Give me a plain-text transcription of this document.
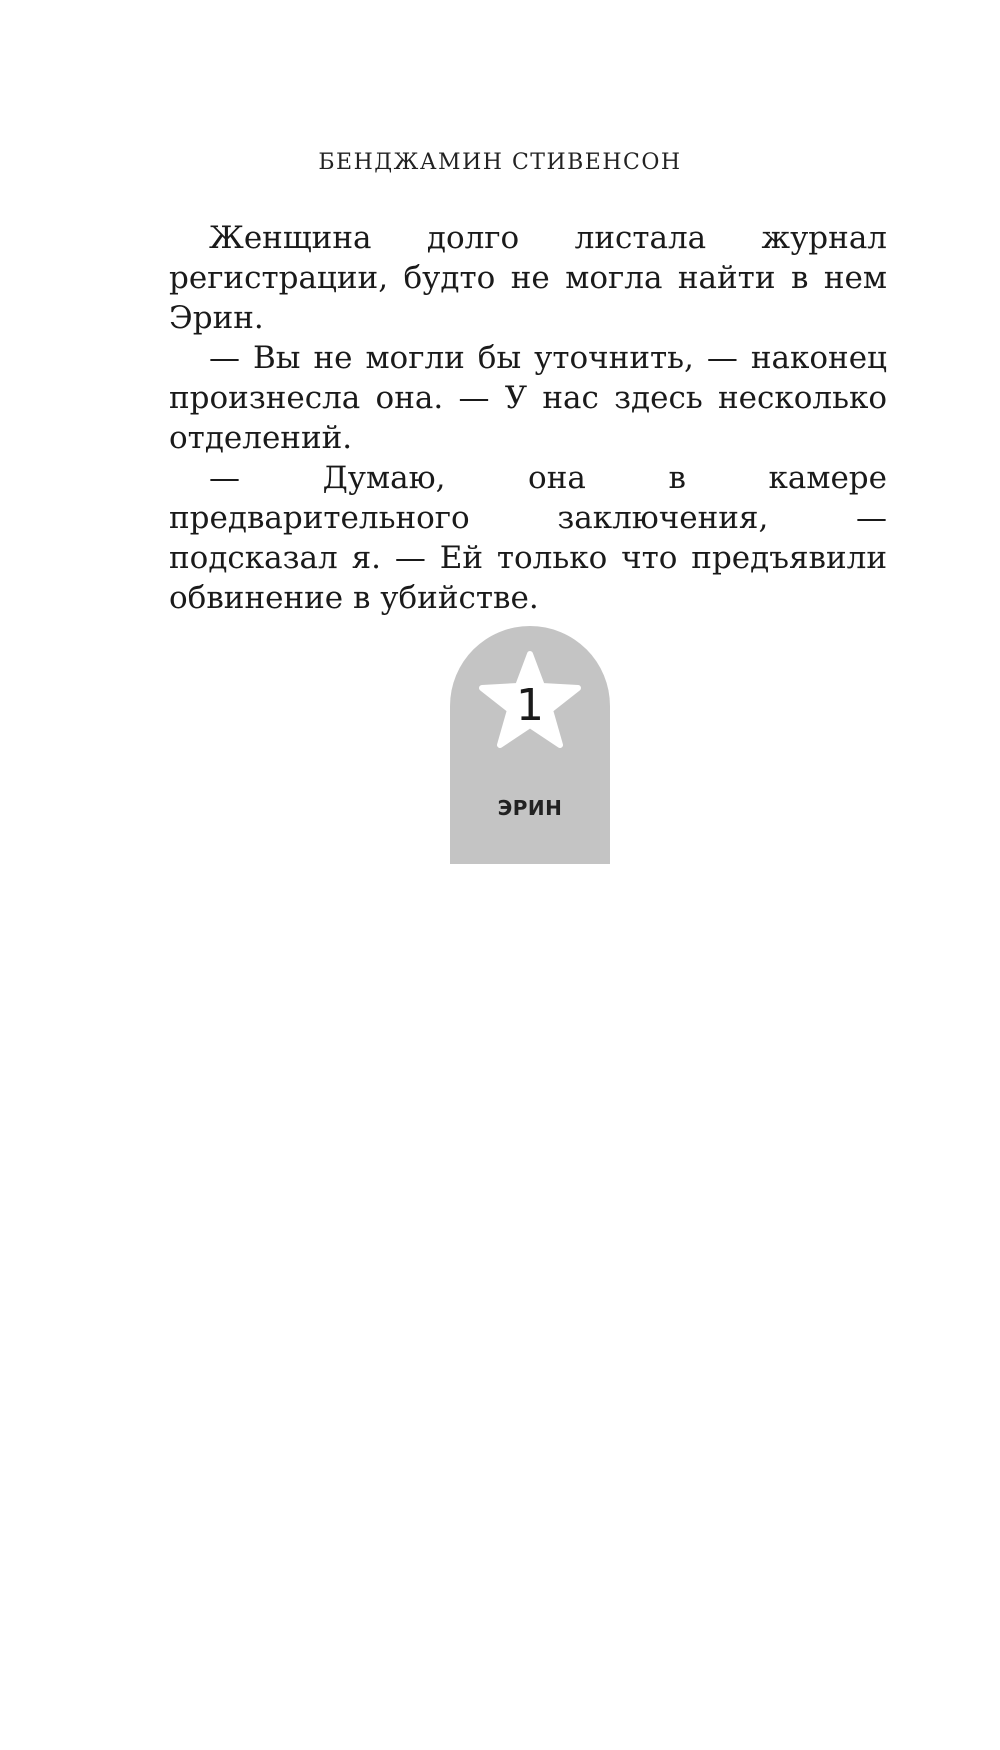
БЕНДЖАМИН СТИВЕНСОН

Женщина долго листала журнал регистрации, будто не могла найти в нем Эрин.

— Вы не могли бы уточнить, — наконец произнесла она. — У нас здесь несколько отделений.

— Думаю, она в камере предварительного заключения, — подсказал я. — Ей только что предъявили обвинение в убийстве.

1
ЭРИН
